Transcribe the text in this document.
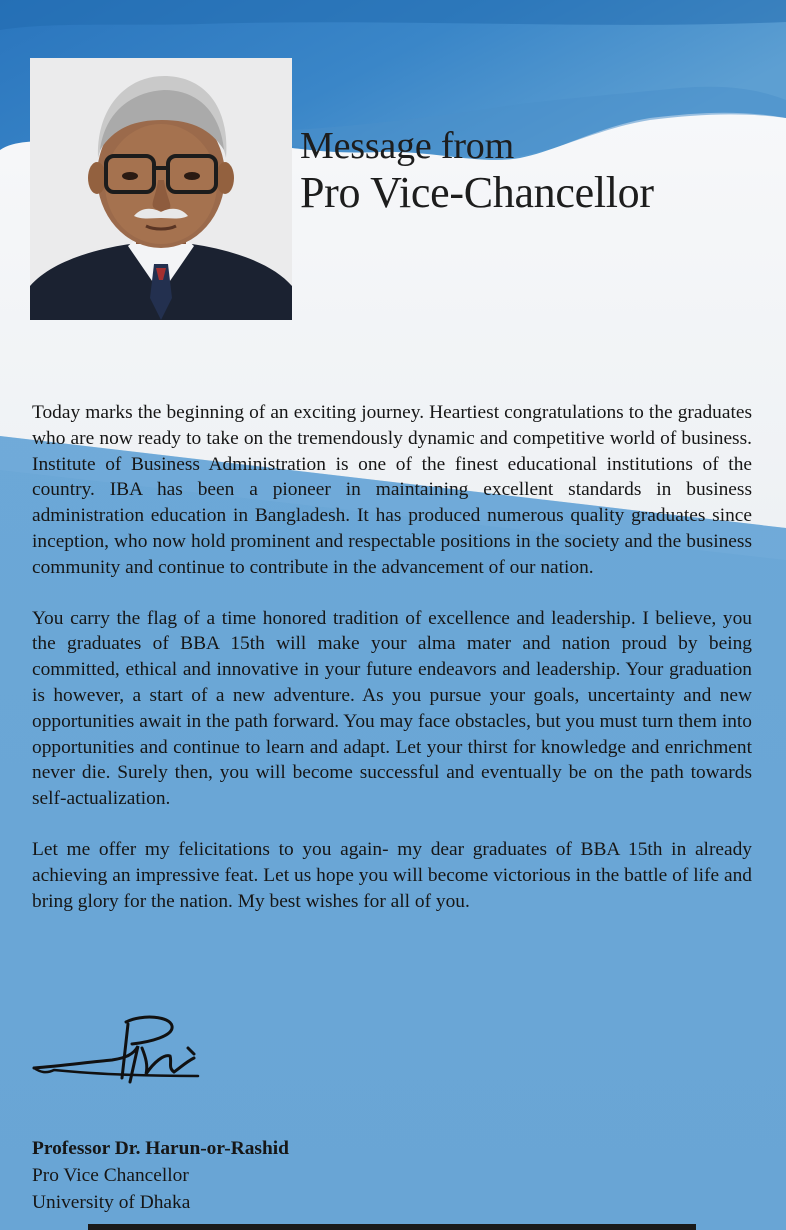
Message from
Pro Vice-Chancellor

Today marks the beginning of an exciting journey. Heartiest congratulations to the graduates who are now ready to take on the tremendously dynamic and competitive world of business. Institute of Business Administration is one of the finest educational institutions of the country. IBA has been a pioneer in maintaining excellent standards in business administration education in Bangladesh. It has produced numerous quality graduates since inception, who now hold prominent and respectable positions in the society and the business community and continue to contribute in the advancement of our nation.

You carry the flag of a time honored tradition of excellence and leadership. I believe, you the graduates of BBA 15th will make your alma mater and nation proud by being committed, ethical and innovative in your future endeavors and leadership. Your graduation is however, a start of a new adventure. As you pursue your goals, uncertainty and new opportunities await in the path forward. You may face obstacles, but you must turn them into opportunities and continue to learn and adapt. Let your thirst for knowledge and enrichment never die. Surely then, you will become successful and eventually be on the path towards self-actualization.

Let me offer my felicitations to you again- my dear graduates of BBA 15th in already achieving an impressive feat. Let us hope you will become victorious in the battle of life and bring glory for the nation. My best wishes for all of you.

Professor Dr. Harun-or-Rashid
Pro Vice Chancellor
University of Dhaka
